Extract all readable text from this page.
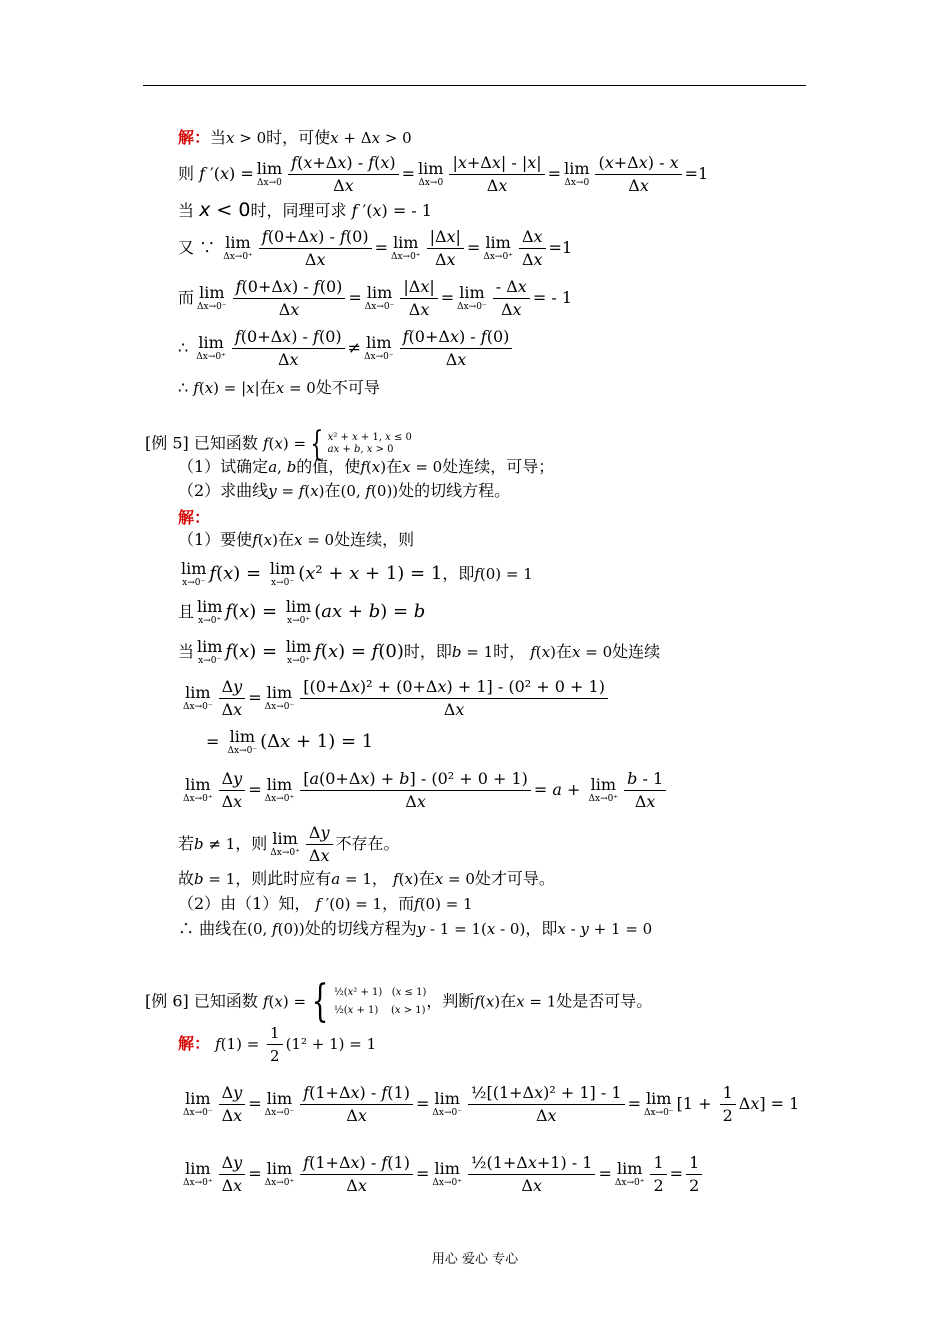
解：当x > 0时，可使x + Δx > 0
则 f ′(x) = lim
$\Delta x\to 0 \frac{f(x+\Delta x) - f(x)}{\Delta x} = \lim$
$\Delta x\to 0 \frac{|x+\Delta x| - |x|}{\Delta x} = \lim$
$\Delta x\to 0 \frac{(x+\Delta x) - x}{\Delta x} =1$
当 x < 0时，同理可求 f ′(x) = - 1
又 ∵ lim
$\Delta x\to 0^+ \frac{f(0+\Delta x) - f(0)}{\Delta x} = \lim$
$\Delta x\to 0^+ \frac{|\Delta x|}{\Delta x} = \lim$
$\Delta x\to 0^+ \frac{\Delta x}{\Delta x} =1$
而 lim
$\Delta x\to 0^- \frac{f(0+\Delta x) - f(0)}{\Delta x} = \lim$
$\Delta x\to 0^- \frac{|\Delta x|}{\Delta x} = \lim$
$\Delta x\to 0^- \frac{- \Delta x}{\Delta x}$ = - 1
∴ lim
$\Delta x\to 0^+ \frac{f(0+\Delta x) - f(0)}{\Delta x} \ne \lim$
$\Delta x\to 0^- \frac{f(0+\Delta x) - f(0)}{\Delta x}$
∴ f(x) = |x|在x = 0处不可导
[例 5] 已知函数 f(x) = { x² + x + 1, x ≤ 0
ax + b, x > 0
（1）试确定a, b的值，使f(x)在x = 0处连续，可导；
（2）求曲线y = f(x)在(0, f(0))处的切线方程。
解：
（1）要使f(x)在x = 0处连续，则
lim
x→0⁻ f(x) = lim
x→0⁻ (x² + x + 1) = 1，即f(0) = 1
且 lim
x→0⁺ f(x) = lim
x→0⁺ (ax + b) = b
当 lim
x→0⁻ f(x) = lim
x→0⁺ f(x) = f(0)时，即b = 1时， f(x)在x = 0处连续
lim
$\Delta x\to 0^- \frac{\Delta y}{\Delta x} = \lim$
$\Delta x\to 0^- \frac{\text{[(0+Δx)² + (0+Δx) + 1] - (0² + 0 + 1)}}{\Delta x}$
= lim
Δx→0⁻ (Δx + 1) = 1
lim
$\Delta x\to 0^+ \frac{\Delta y}{\Delta x} = \lim$
$\Delta x\to 0^+ \frac{\text{[a(0+Δx) + b] - (0² + 0 + 1)}}{\Delta x} = a + \lim$
$\Delta x\to 0^+ \frac{b - 1}{\Delta x}$
若b ≠ 1，则 lim
$\Delta x\to 0^+ \frac{\Delta y}{\Delta x}$ 不存在。
故b = 1，则此时应有a = 1， f(x)在x = 0处才可导。
（2）由（1）知， f ′(0) = 1，而f(0) = 1
∴ 曲线在(0, f(0))处的切线方程为y - 1 = 1(x - 0)，即x - y + 1 = 0
[例 6] 已知函数 f(x) = { ½(x² + 1)   (x ≤ 1)
½(x + 1)    (x > 1)，判断f(x)在x = 1处是否可导。
解： $f(1) = \frac{1}{2} (1^2 + 1) = 1$
lim
$\Delta x\to 0^- \frac{\Delta y}{\Delta x} = \lim$
$\Delta x\to 0^- \frac{f(1+\Delta x) - f(1)}{\Delta x} = \lim$
$\Delta x\to 0^- \frac{\text{½[(1+Δx)² + 1] - 1}}{\Delta x} = \lim$
Δx→0⁻ $[1 + \frac{1}{2} \Delta x] = 1$
lim
$\Delta x\to 0^+ \frac{\Delta y}{\Delta x} = \lim$
$\Delta x\to 0^+ \frac{f(1+\Delta x) - f(1)}{\Delta x} = \lim$
$\Delta x\to 0^+ \frac{\text{½(1+Δx+1) - 1}}{\Delta x} = \lim$
$\Delta x\to 0^+ \frac{1}{2} = \frac{1}{2}$
用心 爱心 专心
